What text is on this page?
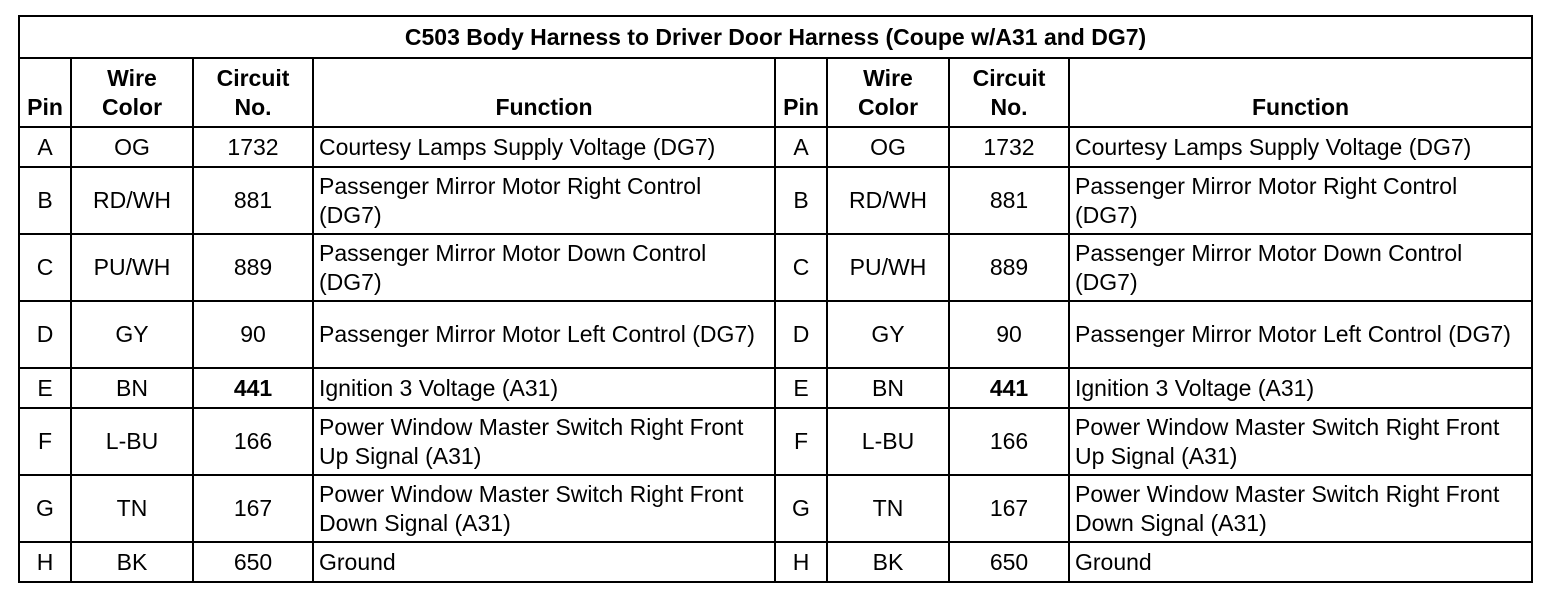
C503 Body Harness to Driver Door Harness (Coupe w/A31 and DG7)							
Pin	Wire Color	Circuit No.	Function	Pin	Wire Color	Circuit No.	Function
A	OG	1732	Courtesy Lamps Supply Voltage (DG7)	A	OG	1732	Courtesy Lamps Supply Voltage (DG7)
B	RD/WH	881	Passenger Mirror Motor Right Control (DG7)	B	RD/WH	881	Passenger Mirror Motor Right Control (DG7)
C	PU/WH	889	Passenger Mirror Motor Down Control (DG7)	C	PU/WH	889	Passenger Mirror Motor Down Control (DG7)
D	GY	90	Passenger Mirror Motor Left Control (DG7)	D	GY	90	Passenger Mirror Motor Left Control (DG7)
E	BN	441	Ignition 3 Voltage (A31)	E	BN	441	Ignition 3 Voltage (A31)
F	L-BU	166	Power Window Master Switch Right Front Up Signal (A31)	F	L-BU	166	Power Window Master Switch Right Front Up Signal (A31)
G	TN	167	Power Window Master Switch Right Front Down Signal (A31)	G	TN	167	Power Window Master Switch Right Front Down Signal (A31)
H	BK	650	Ground	H	BK	650	Ground
